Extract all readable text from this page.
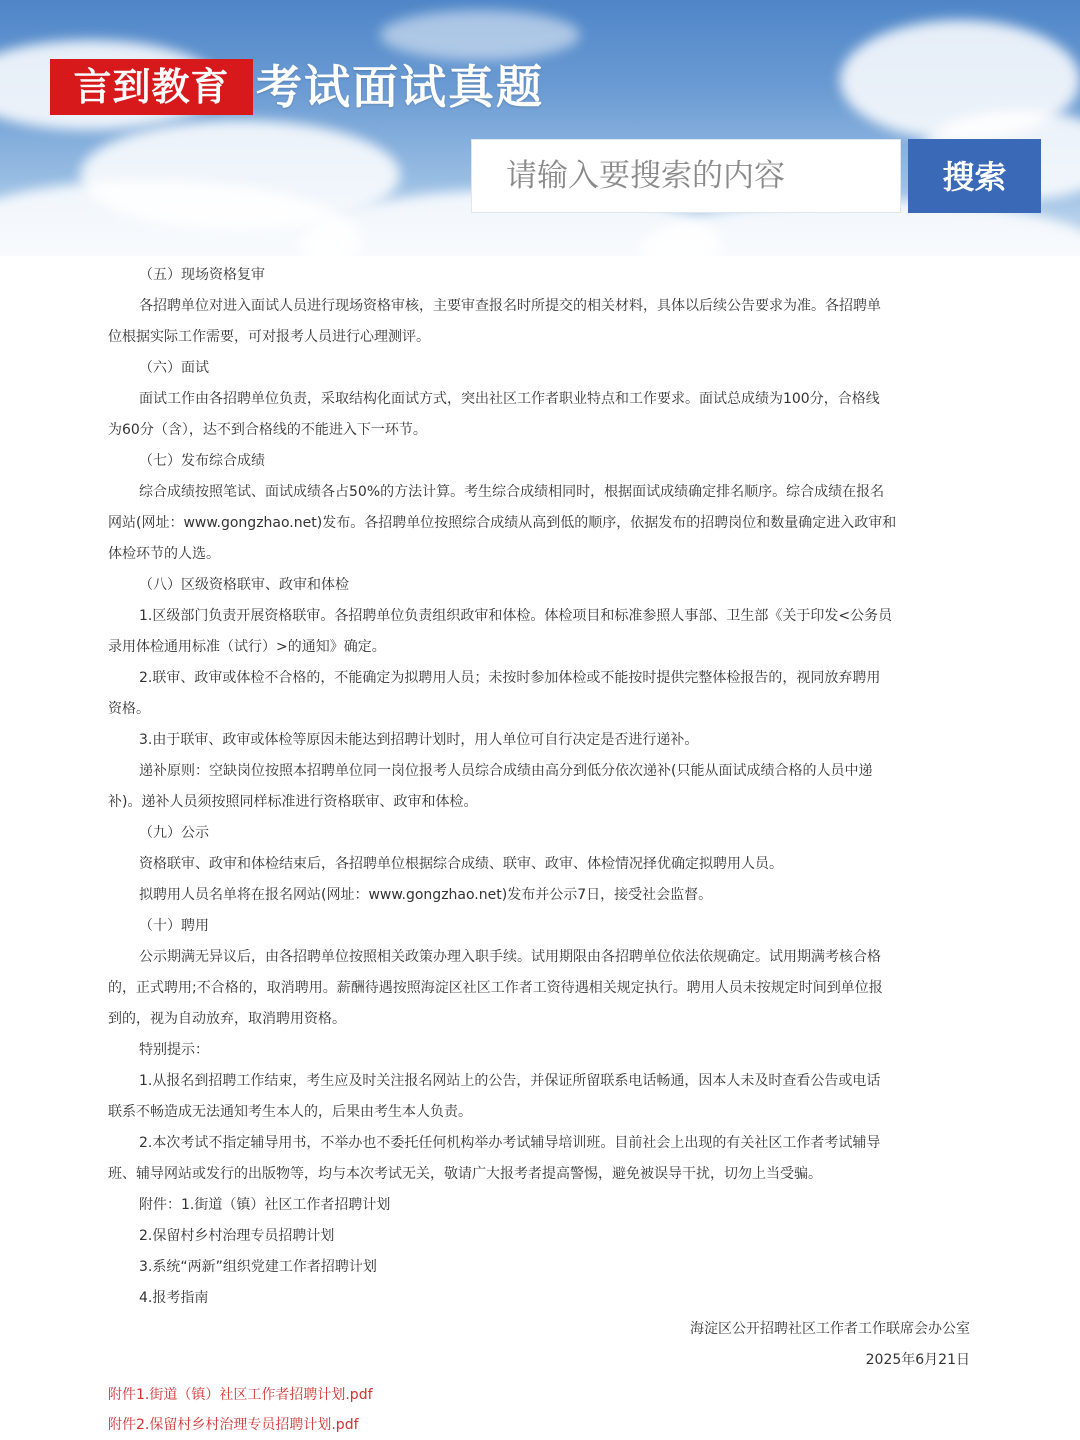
言到教育 考试面试真题
请输入要搜索的内容
搜索
（五）现场资格复审
各招聘单位对进入面试人员进行现场资格审核，主要审查报名时所提交的相关材料，具体以后续公告要求为准。各招聘单
位根据实际工作需要，可对报考人员进行心理测评。
（六）面试
面试工作由各招聘单位负责，采取结构化面试方式，突出社区工作者职业特点和工作要求。面试总成绩为100分，合格线
为60分（含），达不到合格线的不能进入下一环节。
（七）发布综合成绩
综合成绩按照笔试、面试成绩各占50%的方法计算。考生综合成绩相同时，根据面试成绩确定排名顺序。综合成绩在报名
网站(网址：www.gongzhao.net)发布。各招聘单位按照综合成绩从高到低的顺序，依据发布的招聘岗位和数量确定进入政审和
体检环节的人选。
（八）区级资格联审、政审和体检
1.区级部门负责开展资格联审。各招聘单位负责组织政审和体检。体检项目和标准参照人事部、卫生部《关于印发<公务员
录用体检通用标准（试行）>的通知》确定。
2.联审、政审或体检不合格的，不能确定为拟聘用人员；未按时参加体检或不能按时提供完整体检报告的，视同放弃聘用
资格。
3.由于联审、政审或体检等原因未能达到招聘计划时，用人单位可自行决定是否进行递补。
递补原则：空缺岗位按照本招聘单位同一岗位报考人员综合成绩由高分到低分依次递补(只能从面试成绩合格的人员中递
补)。递补人员须按照同样标准进行资格联审、政审和体检。
（九）公示
资格联审、政审和体检结束后，各招聘单位根据综合成绩、联审、政审、体检情况择优确定拟聘用人员。
拟聘用人员名单将在报名网站(网址：www.gongzhao.net)发布并公示7日，接受社会监督。
（十）聘用
公示期满无异议后，由各招聘单位按照相关政策办理入职手续。试用期限由各招聘单位依法依规确定。试用期满考核合格
的，正式聘用;不合格的，取消聘用。薪酬待遇按照海淀区社区工作者工资待遇相关规定执行。聘用人员未按规定时间到单位报
到的，视为自动放弃，取消聘用资格。
特别提示：
1.从报名到招聘工作结束，考生应及时关注报名网站上的公告，并保证所留联系电话畅通，因本人未及时查看公告或电话
联系不畅造成无法通知考生本人的，后果由考生本人负责。
2.本次考试不指定辅导用书，不举办也不委托任何机构举办考试辅导培训班。目前社会上出现的有关社区工作者考试辅导
班、辅导网站或发行的出版物等，均与本次考试无关，敬请广大报考者提高警惕，避免被误导干扰，切勿上当受骗。
附件：1.街道（镇）社区工作者招聘计划
2.保留村乡村治理专员招聘计划
3.系统“两新”组织党建工作者招聘计划
4.报考指南
海淀区公开招聘社区工作者工作联席会办公室
2025年6月21日
附件1.街道（镇）社区工作者招聘计划.pdf
附件2.保留村乡村治理专员招聘计划.pdf
